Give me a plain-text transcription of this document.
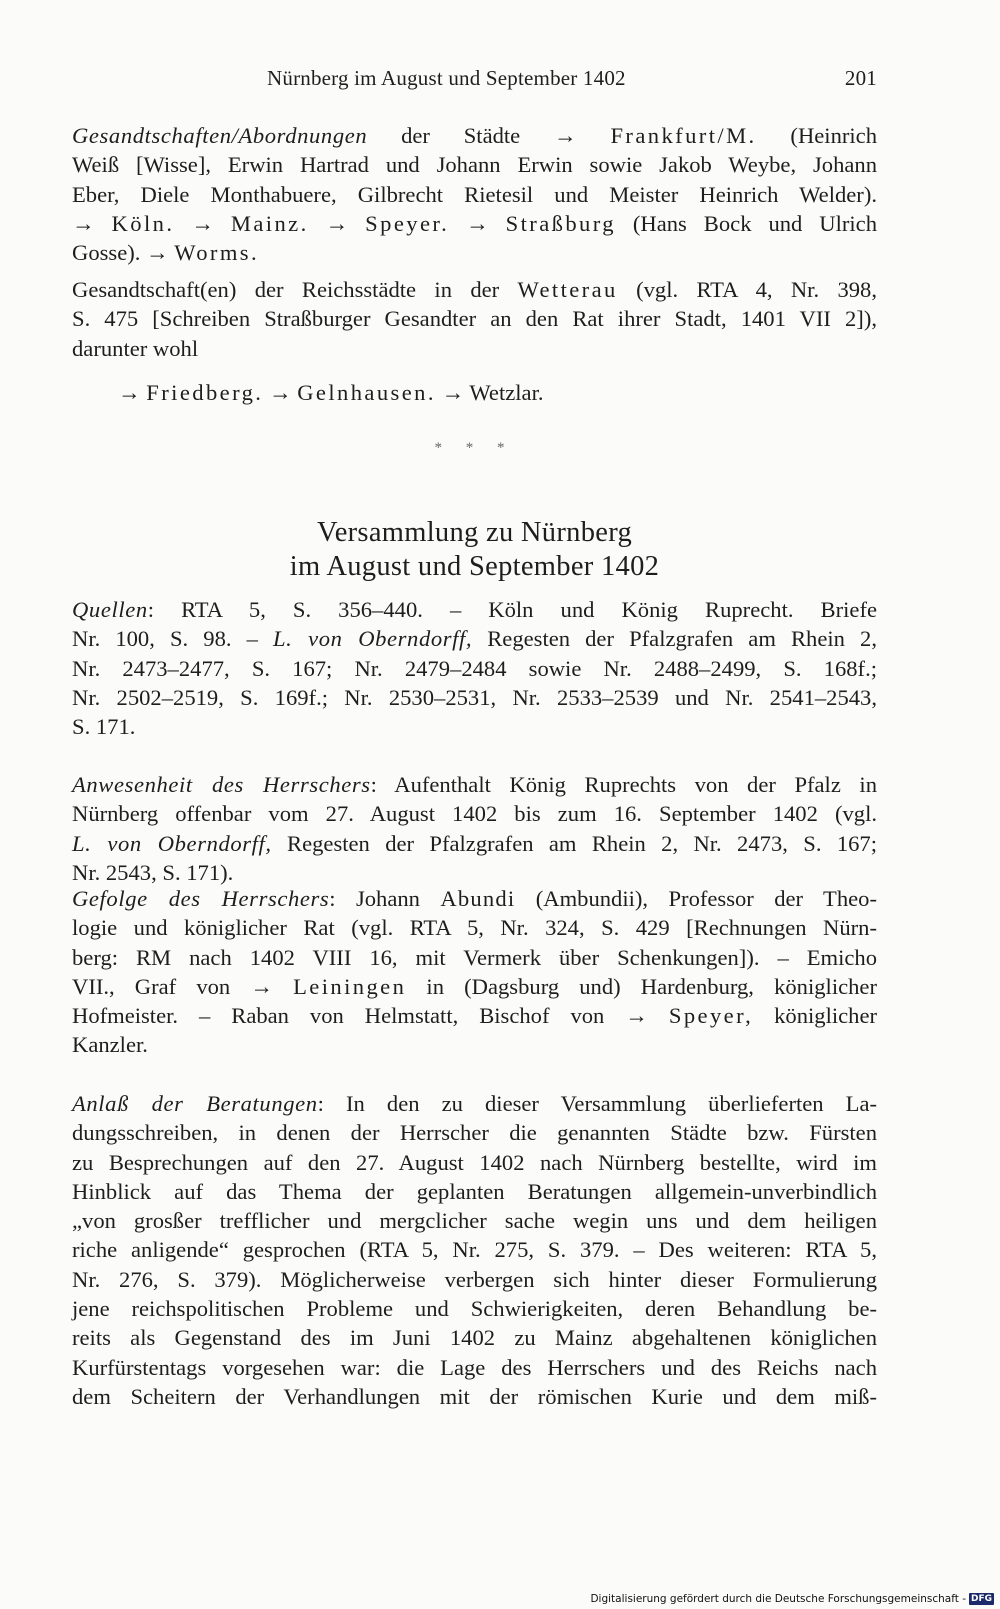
Nürnberg im August und September 1402	201
Gesandtschaften/Abordnungen der Städte → Frankfurt/M. (Heinrich
Weiß [Wisse], Erwin Hartrad und Johann Erwin sowie Jakob Weybe, Johann
Eber, Diele Monthabuere, Gilbrecht Rietesil und Meister Heinrich Welder).
→ Köln. → Mainz. → Speyer. → Straßburg (Hans Bock und Ulrich
Gosse). → Worms.
Gesandtschaft(en) der Reichsstädte in der Wetterau (vgl. RTA 4, Nr. 398,
S. 475 [Schreiben Straßburger Gesandter an den Rat ihrer Stadt, 1401 VII 2]),
darunter wohl
→ Friedberg. → Gelnhausen. → Wetzlar.
* * *
Versammlung zu Nürnberg
im August und September 1402
Quellen: RTA 5, S. 356–440. – Köln und König Ruprecht. Briefe
Nr. 100, S. 98. – L. von Oberndorff, Regesten der Pfalzgrafen am Rhein 2,
Nr. 2473–2477, S. 167; Nr. 2479–2484 sowie Nr. 2488–2499, S. 168f.;
Nr. 2502–2519, S. 169f.; Nr. 2530–2531, Nr. 2533–2539 und Nr. 2541–2543,
S. 171.
Anwesenheit des Herrschers: Aufenthalt König Ruprechts von der Pfalz in
Nürnberg offenbar vom 27. August 1402 bis zum 16. September 1402 (vgl.
L. von Oberndorff, Regesten der Pfalzgrafen am Rhein 2, Nr. 2473, S. 167;
Nr. 2543, S. 171).
Gefolge des Herrschers: Johann Abundi (Ambundii), Professor der Theo-
logie und königlicher Rat (vgl. RTA 5, Nr. 324, S. 429 [Rechnungen Nürn-
berg: RM nach 1402 VIII 16, mit Vermerk über Schenkungen]). – Emicho
VII., Graf von → Leiningen in (Dagsburg und) Hardenburg, königlicher
Hofmeister. – Raban von Helmstatt, Bischof von → Speyer, königlicher
Kanzler.
Anlaß der Beratungen: In den zu dieser Versammlung überlieferten La-
dungsschreiben, in denen der Herrscher die genannten Städte bzw. Fürsten
zu Besprechungen auf den 27. August 1402 nach Nürnberg bestellte, wird im
Hinblick auf das Thema der geplanten Beratungen allgemein-unverbindlich
„von grosßer trefflicher und mergclicher sache wegin uns und dem heiligen
riche anligende“ gesprochen (RTA 5, Nr. 275, S. 379. – Des weiteren: RTA 5,
Nr. 276, S. 379). Möglicherweise verbergen sich hinter dieser Formulierung
jene reichspolitischen Probleme und Schwierigkeiten, deren Behandlung be-
reits als Gegenstand des im Juni 1402 zu Mainz abgehaltenen königlichen
Kurfürstentags vorgesehen war: die Lage des Herrschers und des Reichs nach
dem Scheitern der Verhandlungen mit der römischen Kurie und dem miß-
Digitalisierung gefördert durch die Deutsche Forschungsgemeinschaft - DFG
